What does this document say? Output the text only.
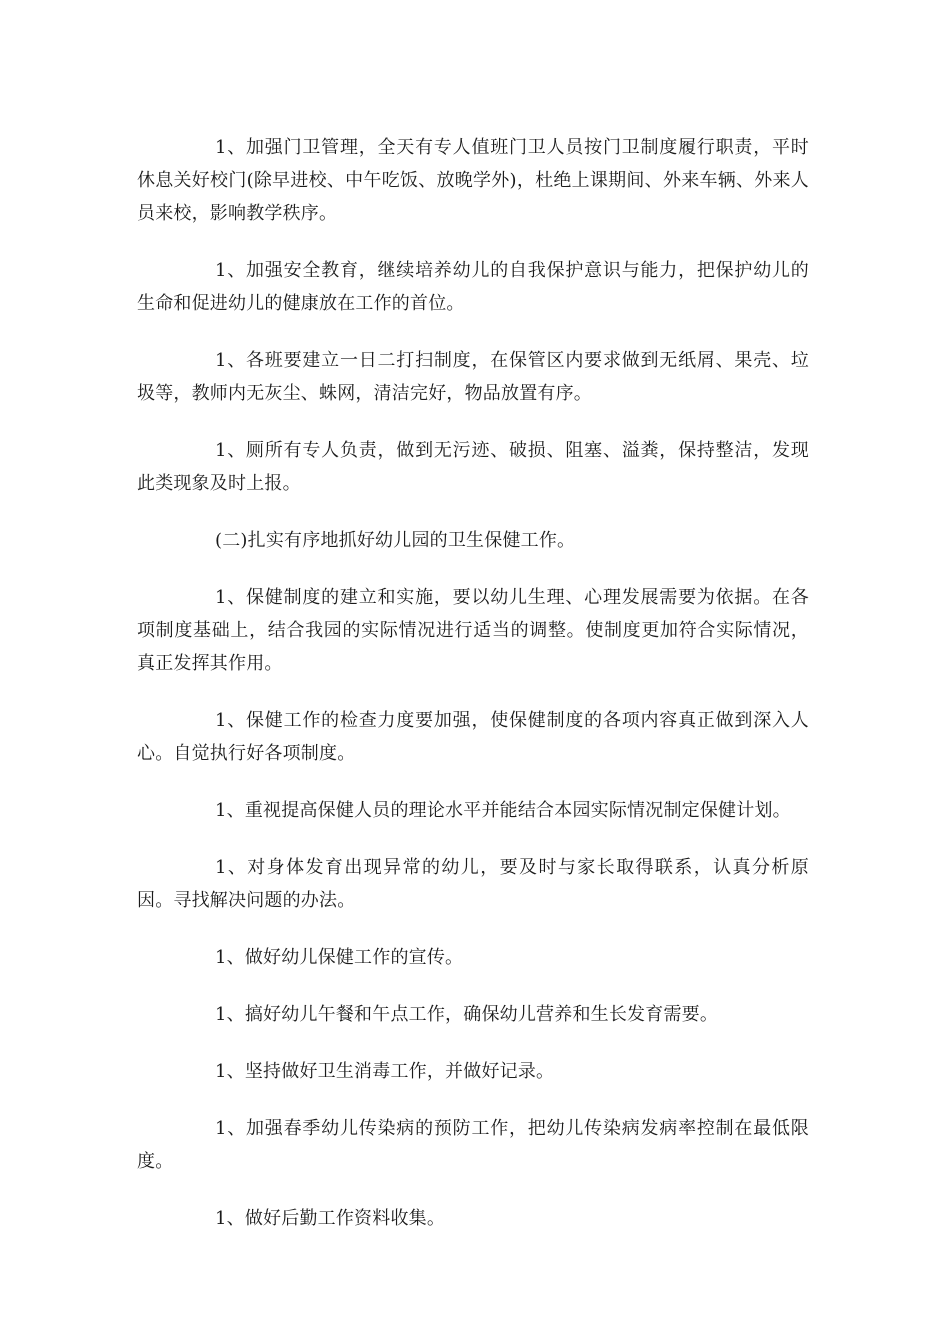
1、加强门卫管理，全天有专人值班门卫人员按门卫制度履行职责，平时休息关好校门(除早进校、中午吃饭、放晚学外)，杜绝上课期间、外来车辆、外来人员来校，影响教学秩序。

1、加强安全教育，继续培养幼儿的自我保护意识与能力，把保护幼儿的生命和促进幼儿的健康放在工作的首位。

1、各班要建立一日二打扫制度，在保管区内要求做到无纸屑、果壳、垃圾等，教师内无灰尘、蛛网，清洁完好，物品放置有序。

1、厕所有专人负责，做到无污迹、破损、阻塞、溢粪，保持整洁，发现此类现象及时上报。

(二)扎实有序地抓好幼儿园的卫生保健工作。

1、保健制度的建立和实施，要以幼儿生理、心理发展需要为依据。在各项制度基础上，结合我园的实际情况进行适当的调整。使制度更加符合实际情况，真正发挥其作用。

1、保健工作的检查力度要加强，使保健制度的各项内容真正做到深入人心。自觉执行好各项制度。

1、重视提高保健人员的理论水平并能结合本园实际情况制定保健计划。

1、对身体发育出现异常的幼儿，要及时与家长取得联系，认真分析原因。寻找解决问题的办法。

1、做好幼儿保健工作的宣传。

1、搞好幼儿午餐和午点工作，确保幼儿营养和生长发育需要。

1、坚持做好卫生消毒工作，并做好记录。

1、加强春季幼儿传染病的预防工作，把幼儿传染病发病率控制在最低限度。

1、做好后勤工作资料收集。
